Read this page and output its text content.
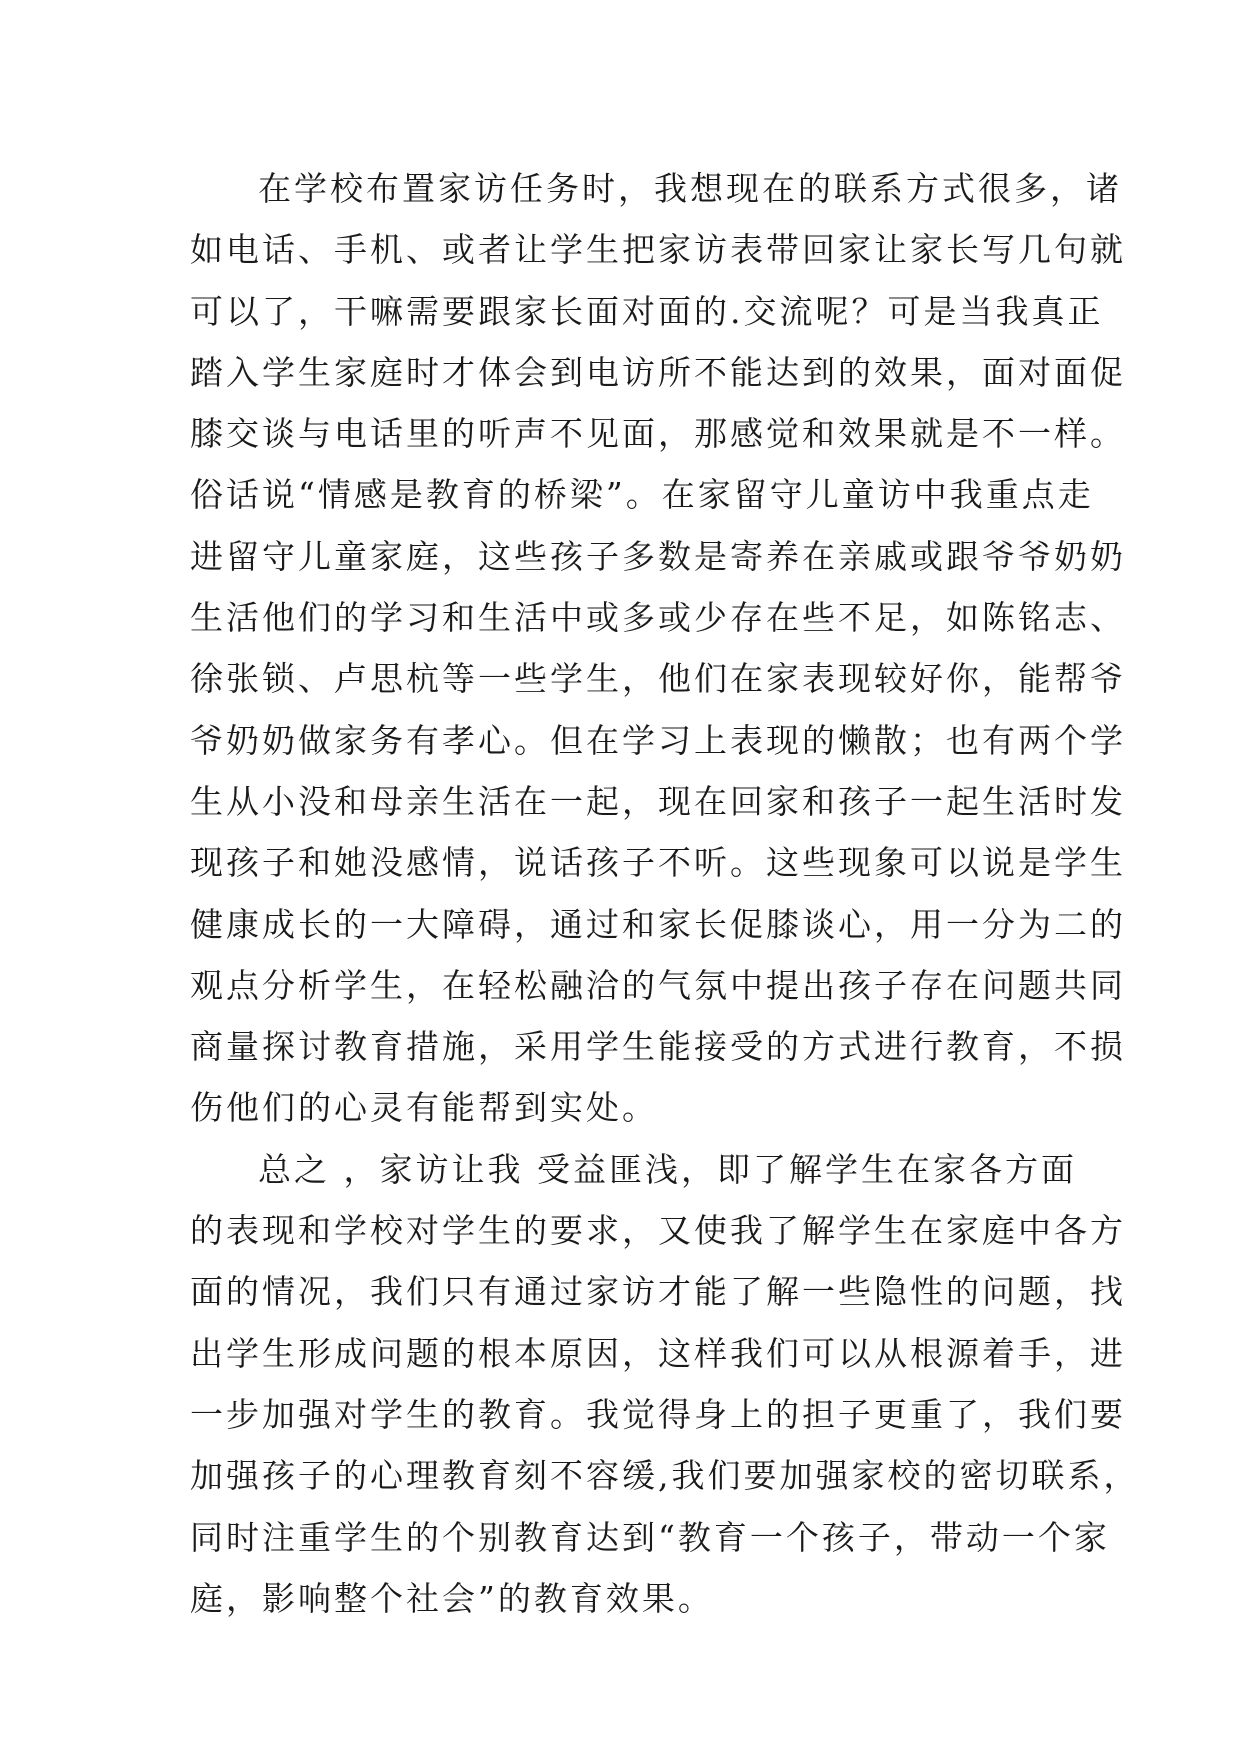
在学校布置家访任务时，我想现在的联系方式很多，诸
如电话、手机、或者让学生把家访表带回家让家长写几句就
可以了，干嘛需要跟家长面对面的.交流呢？可是当我真正
踏入学生家庭时才体会到电访所不能达到的效果，面对面促
膝交谈与电话里的听声不见面，那感觉和效果就是不一样。
俗话说“情感是教育的桥梁”。在家留守儿童访中我重点走
进留守儿童家庭，这些孩子多数是寄养在亲戚或跟爷爷奶奶
生活他们的学习和生活中或多或少存在些不足，如陈铭志、
徐张锁、卢思杭等一些学生，他们在家表现较好你，能帮爷
爷奶奶做家务有孝心。但在学习上表现的懒散；也有两个学
生从小没和母亲生活在一起，现在回家和孩子一起生活时发
现孩子和她没感情，说话孩子不听。这些现象可以说是学生
健康成长的一大障碍，通过和家长促膝谈心，用一分为二的
观点分析学生，在轻松融洽的气氛中提出孩子存在问题共同
商量探讨教育措施，采用学生能接受的方式进行教育，不损
伤他们的心灵有能帮到实处。
总之 ，家访让我 受益匪浅，即了解学生在家各方面
的表现和学校对学生的要求，又使我了解学生在家庭中各方
面的情况，我们只有通过家访才能了解一些隐性的问题，找
出学生形成问题的根本原因，这样我们可以从根源着手，进
一步加强对学生的教育。我觉得身上的担子更重了，我们要
加强孩子的心理教育刻不容缓,我们要加强家校的密切联系，
同时注重学生的个别教育达到“教育一个孩子，带动一个家
庭，影响整个社会”的教育效果。
